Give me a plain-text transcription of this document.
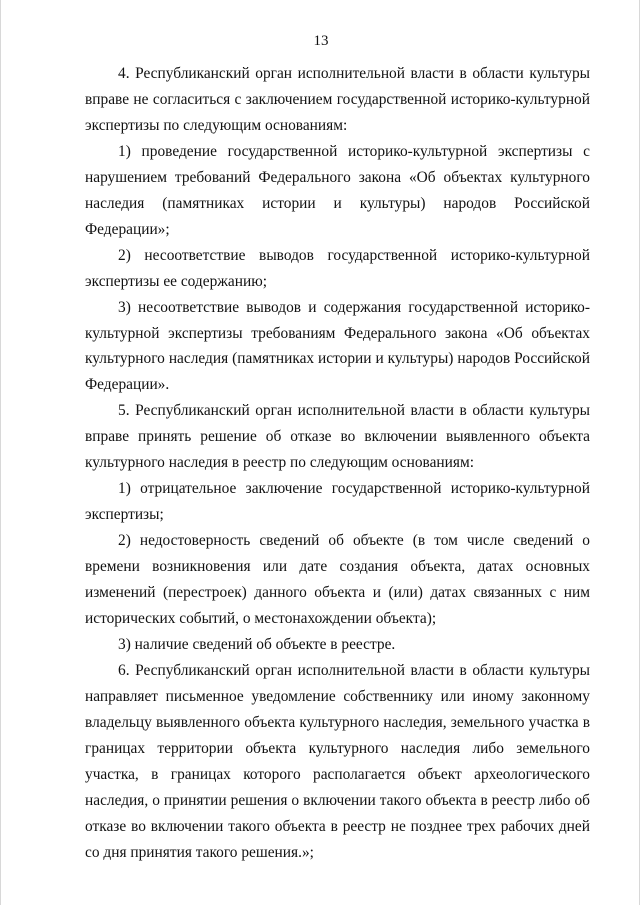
13

4. Республиканский орган исполнительной власти в области культуры вправе не согласиться с заключением государственной историко-культурной экспертизы по следующим основаниям:

1) проведение государственной историко-культурной экспертизы с нарушением требований Федерального закона «Об объектах культурного наследия (памятниках истории и культуры) народов Российской Федерации»;

2) несоответствие выводов государственной историко-культурной экспертизы ее содержанию;

3) несоответствие выводов и содержания государственной историко-культурной экспертизы требованиям Федерального закона «Об объектах культурного наследия (памятниках истории и культуры) народов Российской Федерации».

5. Республиканский орган исполнительной власти в области культуры вправе принять решение об отказе во включении выявленного объекта культурного наследия в реестр по следующим основаниям:

1) отрицательное заключение государственной историко-культурной экспертизы;

2) недостоверность сведений об объекте (в том числе сведений о времени возникновения или дате создания объекта, датах основных изменений (перестроек) данного объекта и (или) датах связанных с ним исторических событий, о местонахождении объекта);

3) наличие сведений об объекте в реестре.

6. Республиканский орган исполнительной власти в области культуры направляет письменное уведомление собственнику или иному законному владельцу выявленного объекта культурного наследия, земельного участка в границах территории объекта культурного наследия либо земельного участка, в границах которого располагается объект археологического наследия, о принятии решения о включении такого объекта в реестр либо об отказе во включении такого объекта в реестр не позднее трех рабочих дней со дня принятия такого решения.»;
